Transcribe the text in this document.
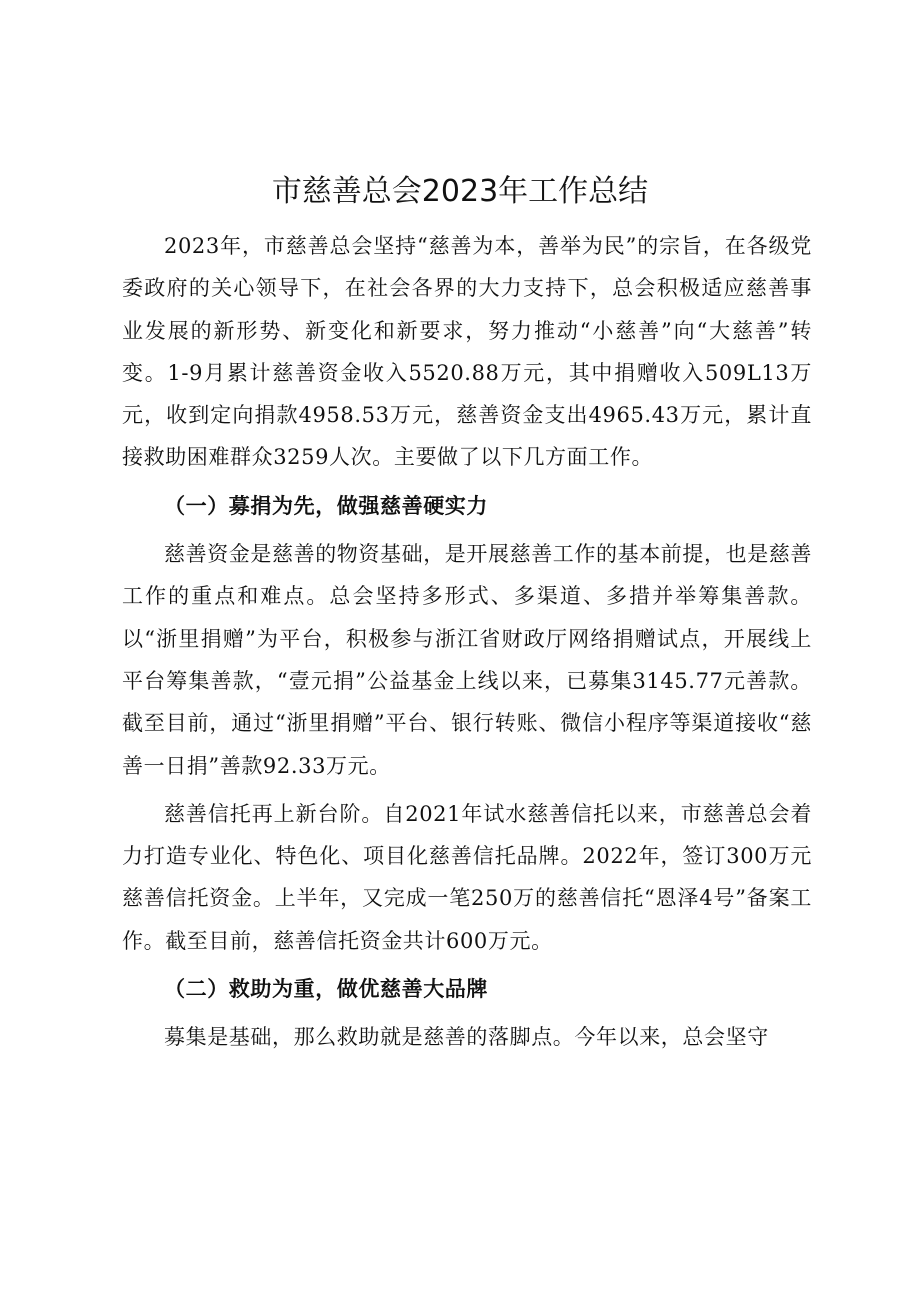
市慈善总会2023年工作总结

2023年，市慈善总会坚持“慈善为本，善举为民”的宗旨，在各级党委政府的关心领导下，在社会各界的大力支持下，总会积极适应慈善事业发展的新形势、新变化和新要求，努力推动“小慈善”向“大慈善”转变。1-9月累计慈善资金收入5520.88万元，其中捐赠收入509L13万元，收到定向捐款4958.53万元，慈善资金支出4965.43万元，累计直接救助困难群众3259人次。主要做了以下几方面工作。

（一）募捐为先，做强慈善硬实力

慈善资金是慈善的物资基础，是开展慈善工作的基本前提，也是慈善工作的重点和难点。总会坚持多形式、多渠道、多措并举筹集善款。以“浙里捐赠”为平台，积极参与浙江省财政厅网络捐赠试点，开展线上平台筹集善款，“壹元捐”公益基金上线以来，已募集3145.77元善款。截至目前，通过“浙里捐赠”平台、银行转账、微信小程序等渠道接收“慈善一日捐”善款92.33万元。

慈善信托再上新台阶。自2021年试水慈善信托以来，市慈善总会着力打造专业化、特色化、项目化慈善信托品牌。2022年，签订300万元慈善信托资金。上半年，又完成一笔250万的慈善信托“恩泽4号”备案工作。截至目前，慈善信托资金共计600万元。

（二）救助为重，做优慈善大品牌

募集是基础，那么救助就是慈善的落脚点。今年以来，总会坚守
